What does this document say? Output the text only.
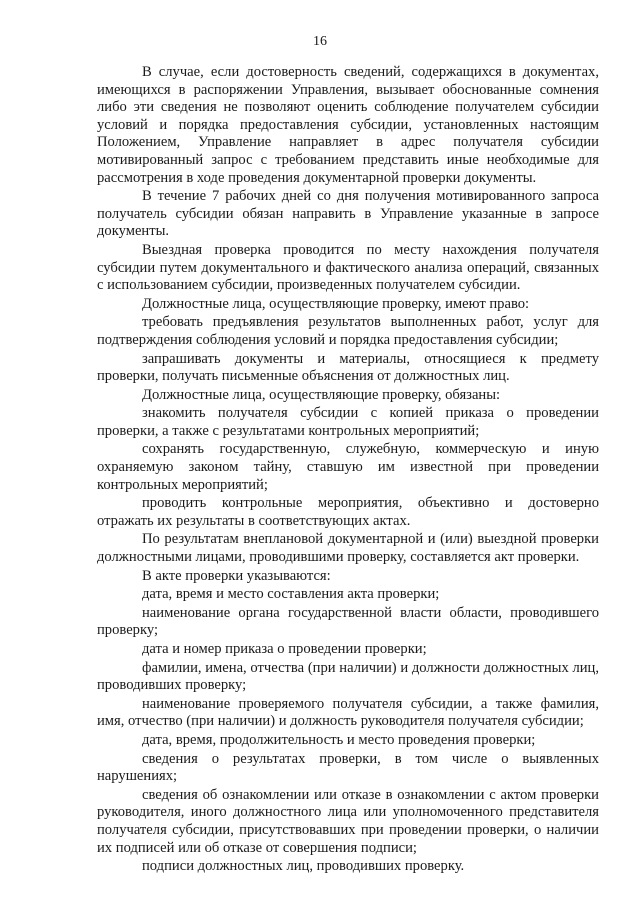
16

В случае, если достоверность сведений, содержащихся в документах, имеющихся в распоряжении Управления, вызывает обоснованные сомнения либо эти сведения не позволяют оценить соблюдение получателем субсидии условий и порядка предоставления субсидии, установленных настоящим Положением, Управление направляет в адрес получателя субсидии мотивированный запрос с требованием представить иные необходимые для рассмотрения в ходе проведения документарной проверки документы.

В течение 7 рабочих дней со дня получения мотивированного запроса получатель субсидии обязан направить в Управление указанные в запросе документы.

Выездная проверка проводится по месту нахождения получателя субсидии путем документального и фактического анализа операций, связанных с использованием субсидии, произведенных получателем субсидии.

Должностные лица, осуществляющие проверку, имеют право:

требовать предъявления результатов выполненных работ, услуг для подтверждения соблюдения условий и порядка предоставления субсидии;

запрашивать документы и материалы, относящиеся к предмету проверки, получать письменные объяснения от должностных лиц.

Должностные лица, осуществляющие проверку, обязаны:

знакомить получателя субсидии с копией приказа о проведении проверки, а также с результатами контрольных мероприятий;

сохранять государственную, служебную, коммерческую и иную охраняемую законом тайну, ставшую им известной при проведении контрольных мероприятий;

проводить контрольные мероприятия, объективно и достоверно отражать их результаты в соответствующих актах.

По результатам внеплановой документарной и (или) выездной проверки должностными лицами, проводившими проверку, составляется акт проверки.

В акте проверки указываются:

дата, время и место составления акта проверки;

наименование органа государственной власти области, проводившего проверку;

дата и номер приказа о проведении проверки;

фамилии, имена, отчества (при наличии) и должности должностных лиц, проводивших проверку;

наименование проверяемого получателя субсидии, а также фамилия, имя, отчество (при наличии) и должность руководителя получателя субсидии;

дата, время, продолжительность и место проведения проверки;

сведения о результатах проверки, в том числе о выявленных нарушениях;

сведения об ознакомлении или отказе в ознакомлении с актом проверки руководителя, иного должностного лица или уполномоченного представителя получателя субсидии, присутствовавших при проведении проверки, о наличии их подписей или об отказе от совершения подписи;

подписи должностных лиц, проводивших проверку.
